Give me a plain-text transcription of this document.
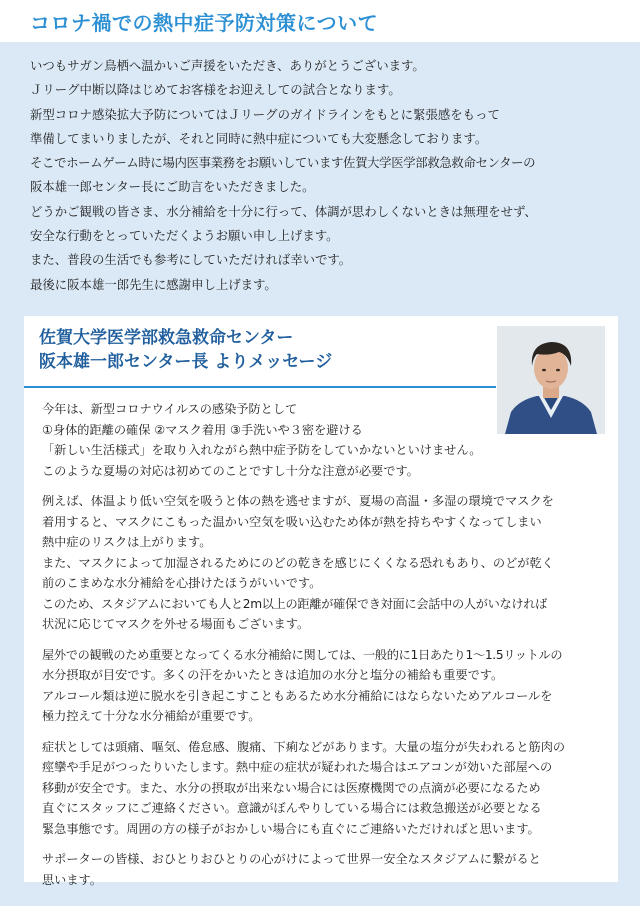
コロナ禍での熱中症予防対策について

いつもサガン鳥栖へ温かいご声援をいただき、ありがとうございます。

Ｊリーグ中断以降はじめてお客様をお迎えしての試合となります。

新型コロナ感染拡大予防についてはＪリーグのガイドラインをもとに緊張感をもって

準備してまいりましたが、それと同時に熱中症についても大変懸念しております。

そこでホームゲーム時に場内医事業務をお願いしています佐賀大学医学部救急救命センターの

阪本雄一郎センター長にご助言をいただきました。

どうかご観戦の皆さま、水分補給を十分に行って、体調が思わしくないときは無理をせず、

安全な行動をとっていただくようお願い申し上げます。

また、普段の生活でも参考にしていただければ幸いです。

最後に阪本雄一郎先生に感謝申し上げます。

佐賀大学医学部救急救命センター
阪本雄一郎センター長 よりメッセージ

今年は、新型コロナウイルスの感染予防として

①身体的距離の確保 ②マスク着用 ③手洗いや３密を避ける

「新しい生活様式」を取り入れながら熱中症予防をしていかないといけません。

このような夏場の対応は初めてのことですし十分な注意が必要です。

例えば、体温より低い空気を吸うと体の熱を逃せますが、夏場の高温・多湿の環境でマスクを

着用すると、マスクにこもった温かい空気を吸い込むため体が熱を持ちやすくなってしまい

熱中症のリスクは上がります。

また、マスクによって加湿されるためにのどの乾きを感じにくくなる恐れもあり、のどが乾く

前のこまめな水分補給を心掛けたほうがいいです。

このため、スタジアムにおいても人と2m以上の距離が確保でき対面に会話中の人がいなければ

状況に応じてマスクを外せる場面もございます。

屋外での観戦のため重要となってくる水分補給に関しては、一般的に1日あたり1～1.5リットルの

水分摂取が目安です。多くの汗をかいたときは追加の水分と塩分の補給も重要です。

アルコール類は逆に脱水を引き起こすこともあるため水分補給にはならないためアルコールを

極力控えて十分な水分補給が重要です。

症状としては頭痛、嘔気、倦怠感、腹痛、下痢などがあります。大量の塩分が失われると筋肉の

痙攣や手足がつったりいたします。熱中症の症状が疑われた場合はエアコンが効いた部屋への

移動が安全です。また、水分の摂取が出来ない場合には医療機関での点滴が必要になるため

直ぐにスタッフにご連絡ください。意識がぼんやりしている場合には救急搬送が必要となる

緊急事態です。周囲の方の様子がおかしい場合にも直ぐにご連絡いただければと思います。

サポーターの皆様、おひとりおひとりの心がけによって世界一安全なスタジアムに繋がると

思います。
